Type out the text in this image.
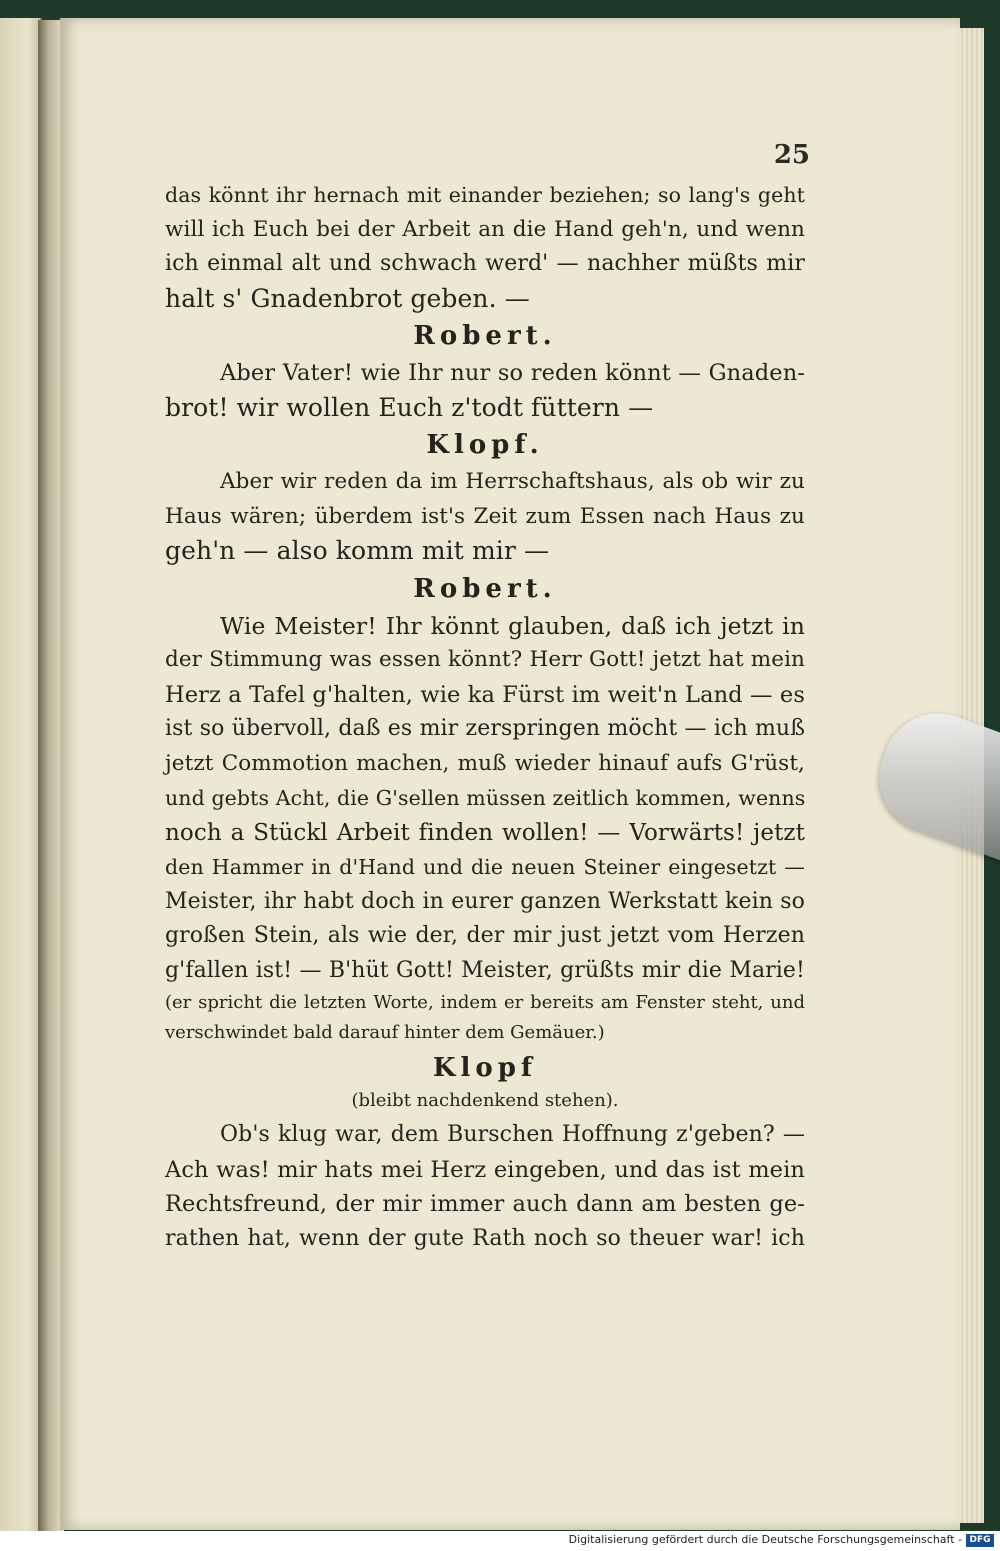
25
das könnt ihr hernach mit einander beziehen; so lang's geht
will ich Euch bei der Arbeit an die Hand geh'n, und wenn
ich einmal alt und schwach werd' — nachher müßts mir
halt s' Gnadenbrot geben. —
Robert.
Aber Vater! wie Ihr nur so reden könnt — Gnaden-
brot! wir wollen Euch z'todt füttern —
Klopf.
Aber wir reden da im Herrschaftshaus, als ob wir zu
Haus wären; überdem ist's Zeit zum Essen nach Haus zu
geh'n — also komm mit mir —
Robert.
Wie Meister! Ihr könnt glauben, daß ich jetzt in
der Stimmung was essen könnt? Herr Gott! jetzt hat mein
Herz a Tafel g'halten, wie ka Fürst im weit'n Land — es
ist so übervoll, daß es mir zerspringen möcht — ich muß
jetzt Commotion machen, muß wieder hinauf aufs G'rüst,
und gebts Acht, die G'sellen müssen zeitlich kommen, wenns
noch a Stückl Arbeit finden wollen! — Vorwärts! jetzt
den Hammer in d'Hand und die neuen Steiner eingesetzt —
Meister, ihr habt doch in eurer ganzen Werkstatt kein so
großen Stein, als wie der, der mir just jetzt vom Herzen
g'fallen ist! — B'hüt Gott! Meister, grüßts mir die Marie!
(er spricht die letzten Worte, indem er bereits am Fenster steht, und
verschwindet bald darauf hinter dem Gemäuer.)
Klopf
(bleibt nachdenkend stehen).
Ob's klug war, dem Burschen Hoffnung z'geben? —
Ach was! mir hats mei Herz eingeben, und das ist mein
Rechtsfreund, der mir immer auch dann am besten ge-
rathen hat, wenn der gute Rath noch so theuer war! ich
Digitalisierung gefördert durch die Deutsche Forschungsgemeinschaft - DFG
